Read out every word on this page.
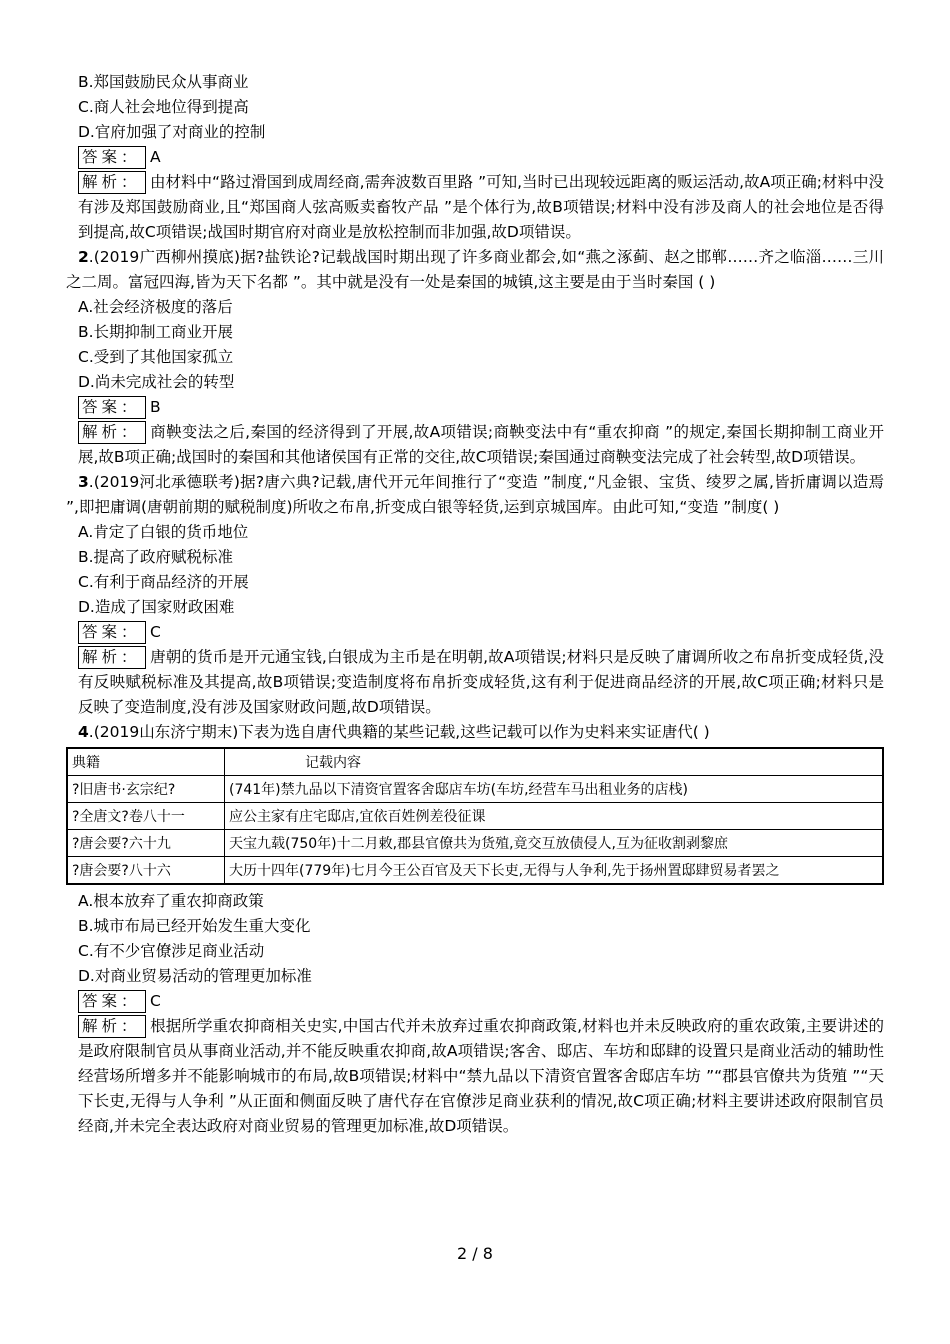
B.郑国鼓励民众从事商业
C.商人社会地位得到提高
D.官府加强了对商业的控制
答案： A
解析： 由材料中“路过滑国到成周经商,需奔波数百里路 ”可知,当时已出现较远距离的贩运活动,故A项正确;材料中没有涉及郑国鼓励商业,且“郑国商人弦高贩卖畜牧产品 ”是个体行为,故B项错误;材料中没有涉及商人的社会地位是否得到提高,故C项错误;战国时期官府对商业是放松控制而非加强,故D项错误。
2.(2019广西柳州摸底)据?盐铁论?记载战国时期出现了许多商业都会,如“燕之涿蓟、赵之邯郸……齐之临淄……三川之二周。富冠四海,皆为天下名都 ”。其中就是没有一处是秦国的城镇,这主要是由于当时秦国 ( )
A.社会经济极度的落后
B.长期抑制工商业开展
C.受到了其他国家孤立
D.尚未完成社会的转型
答案： B
解析： 商鞅变法之后,秦国的经济得到了开展,故A项错误;商鞅变法中有“重农抑商 ”的规定,秦国长期抑制工商业开展,故B项正确;战国时的秦国和其他诸侯国有正常的交往,故C项错误;秦国通过商鞅变法完成了社会转型,故D项错误。
3.(2019河北承德联考)据?唐六典?记载,唐代开元年间推行了“变造 ”制度,“凡金银、宝货、绫罗之属,皆折庸调以造焉 ”,即把庸调(唐朝前期的赋税制度)所收之布帛,折变成白银等轻货,运到京城国库。由此可知,“变造 ”制度( )
A.肯定了白银的货币地位
B.提高了政府赋税标准
C.有利于商品经济的开展
D.造成了国家财政困难
答案： C
解析： 唐朝的货币是开元通宝钱,白银成为主币是在明朝,故A项错误;材料只是反映了庸调所收之布帛折变成轻货,没有反映赋税标准及其提高,故B项错误;变造制度将布帛折变成轻货,这有利于促进商品经济的开展,故C项正确;材料只是反映了变造制度,没有涉及国家财政问题,故D项错误。
4.(2019山东济宁期末)下表为选自唐代典籍的某些记载,这些记载可以作为史料来实证唐代( )
典籍	记载内容
?旧唐书·玄宗纪?	(741年)禁九品以下清资官置客舍邸店车坊(车坊,经营车马出租业务的店栈)
?全唐文?卷八十一	应公主家有庄宅邸店,宜依百姓例差役征课
?唐会要?六十九	天宝九载(750年)十二月敕,郡县官僚共为货殖,竟交互放债侵人,互为征收割剥黎庶
?唐会要?八十六	大历十四年(779年)七月今王公百官及天下长吏,无得与人争利,先于扬州置邸肆贸易者罢之
A.根本放弃了重农抑商政策
B.城市布局已经开始发生重大变化
C.有不少官僚涉足商业活动
D.对商业贸易活动的管理更加标准
答案： C
解析： 根据所学重农抑商相关史实,中国古代并未放弃过重农抑商政策,材料也并未反映政府的重农政策,主要讲述的是政府限制官员从事商业活动,并不能反映重农抑商,故A项错误;客舍、邸店、车坊和邸肆的设置只是商业活动的辅助性经营场所增多并不能影响城市的布局,故B项错误;材料中“禁九品以下清资官置客舍邸店车坊 ”“郡县官僚共为货殖 ”“天下长吏,无得与人争利 ”从正面和侧面反映了唐代存在官僚涉足商业获利的情况,故C项正确;材料主要讲述政府限制官员经商,并未完全表达政府对商业贸易的管理更加标准,故D项错误。
2 / 8
